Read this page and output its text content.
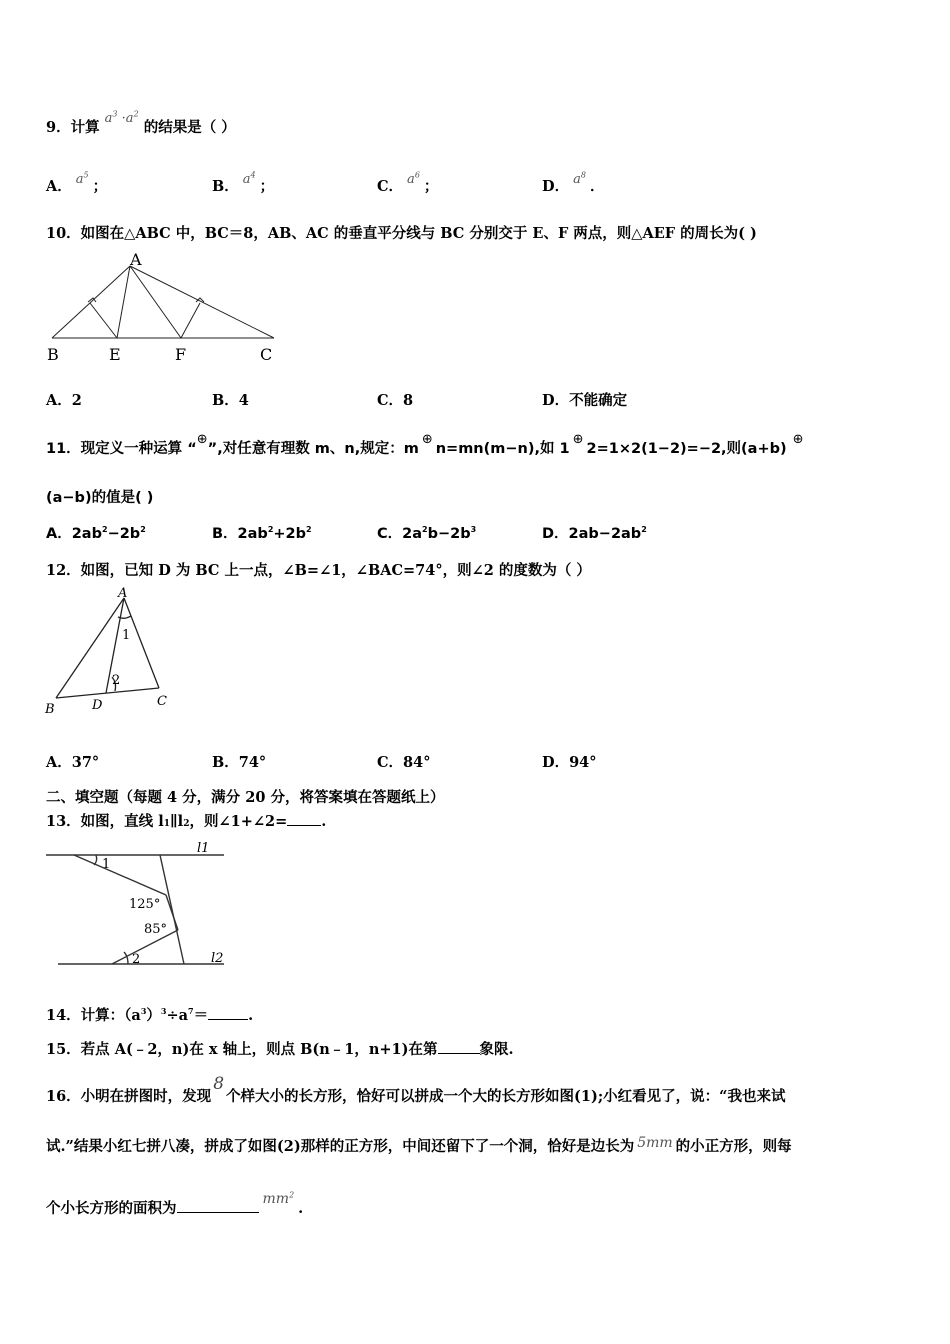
9．计算 $a^3 \cdot a^2$ 的结果是（ ）
A． $a^5$；	B． $a^4$；	C． $a^6$；	D． $a^8$．
10．如图在△ABC 中，BC＝8，AB、AC 的垂直平分线与 BC 分别交于 E、F 两点，则△AEF 的周长为( )
A
B	E	F	C
A．2	B．4	C．8	D．不能确定
11．现定义一种运算 “⊕”,对任意有理数 m、n,规定：m⊕n=mn(m−n),如 1⊕2=1×2(1−2)=−2,则(a+b)⊕
(a−b)的值是( )
A．$2ab^2-2b^2$	B．$2ab^2+2b^2$	C．$2a^2b-2b^3$	D．$2ab-2ab^2$
12．如图，已知 D 为 BC 上一点，∠B=∠1，∠BAC=74°，则∠2 的度数为（ ）
A
B	D	C
1
2
A．37°	B．74°	C．84°	D．94°
二、填空题（每题 4 分，满分 20 分，将答案填在答题纸上）
13．如图，直线 l1∥l2，则∠1+∠2= .
l1
l2
1
2
125°
85°
14．计算：$(a^3)^3\div a^7=$	.
15．若点 A(﹣2，n)在 x 轴上，则点 B(n﹣1，n+1)在第	象限.
16．小明在拼图时，发现8个样大小的长方形，恰好可以拼成一个大的长方形如图(1);小红看见了，说：“我也来试
试.”结果小红七拼八凑，拼成了如图(2)那样的正方形，中间还留下了一个洞，恰好是边长为 5mm 的小正方形，则每
个小长方形的面积为$mm^2$.
